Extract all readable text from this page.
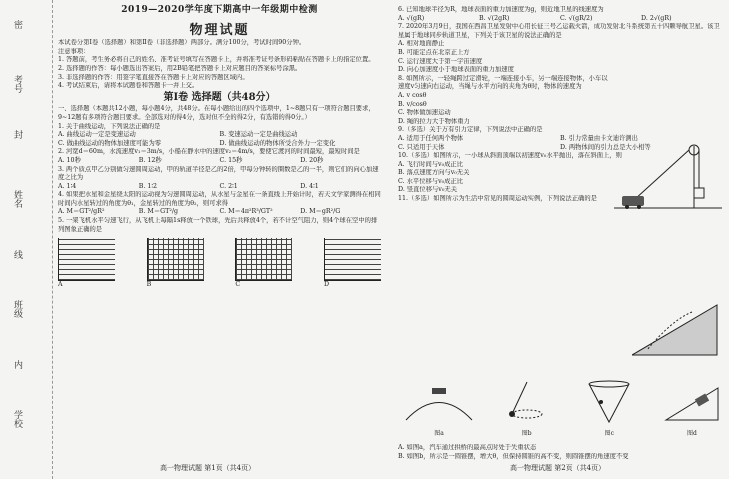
密
考号
封
姓名
线
班级
内
学校
2019—2020学年度下期高中一年级期中检测
物理试题

本试卷分第Ⅰ卷（选择题）和第Ⅱ卷（非选择题）两部分。满分100分，考试时间90分钟。

注意事项：

1. 答题前，考生务必将自己的姓名、准考证号填写在答题卡上，并将准考证号条形码粘贴在答题卡上的指定位置。

2. 选择题的作答：每小题选出答案后，用2B铅笔把答题卡上对应题目的答案标号涂黑。

3. 非选择题的作答：用签字笔直接答在答题卡上对应的答题区域内。

4. 考试结束后，请将本试题卷和答题卡一并上交。

第Ⅰ卷 选择题（共48分）

一、选择题（本题共12小题，每小题4分，共48分。在每小题给出的四个选项中，1~8题只有一项符合题目要求，9~12题有多项符合题目要求。全部选对的得4分，选对但不全的得2分，有选错的得0分。）

1. 关于曲线运动，下列说法正确的是

A. 曲线运动一定是变速运动	B. 变速运动一定是曲线运动
C. 做曲线运动的物体加速度可能为零	D. 做曲线运动的物体所受合外力一定变化

2. 河宽d＝60m，水流速度v₁＝3m/s，小船在静水中的速度v₂＝4m/s，要使它渡河的时间最短，最短时间是

A. 10秒	B. 12秒	C. 15秒	D. 20秒

3. 两个质点甲乙分别做匀速圆周运动，甲的轨道半径是乙的2倍，甲每分钟转的圈数是乙的一半，则它们的向心加速度之比为

A. 1∶4	B. 1∶2	C. 2∶1	D. 4∶1

4. 如果把水星和金星绕太阳的运动视为匀速圆周运动，从水星与金星在一条直线上开始计时，若天文学家测得在相同时间内水星转过的角度为θ₁，金星转过的角度为θ₂，则可求得

A. M＝GT²/gR²	B. M＝GT²/g	C. M＝4π²R³/GT²	D. M＝gR²/G

5. 一架飞机水平匀速飞行，从飞机上每隔1s释放一个铁球，先后共释放4个，若不计空气阻力，则4个球在空中的排列图象正确的是

A	B	C	D
高一物理试题 第1页（共4页）

6. 已知地球半径为R，地球表面的重力加速度为g，则近地卫星的线速度为

A. √(gR)	B. √(2gR)	C. √(gR/2)	D. 2√(gR)

7. 2020年3月9日，我国在西昌卫星发射中心用长征三号乙运载火箭，成功发射北斗系统第五十四颗导航卫星。该卫星属于地球同步轨道卫星，下列关于该卫星的说法正确的是

A. 相对地面静止

B. 可能定点在北京正上方

C. 运行速度大于第一宇宙速度

D. 向心加速度小于地球表面的重力加速度

8. 如图所示，一轻绳跨过定滑轮，一端连接小车，另一端连接物体，小车以速度v匀速向右运动，当绳与水平方向的夹角为θ时，物体的速度为

A. v cosθ

B. v/cosθ

C. 物体做加速运动

D. 绳的拉力大于物体重力

9.（多选）关于万有引力定律，下列说法中正确的是

A. 适用于任何两个物体	B. 引力常量由卡文迪许测出
C. 只适用于天体	D. 两物体间的引力总是大小相等

10.（多选）如图所示，一小球从斜面顶端以初速度v₀水平抛出，落在斜面上，则

A. 飞行时间与v₀成正比

B. 落点速度方向与v₀无关

C. 水平位移与v₀成正比

D. 竖直位移与v₀无关

11.（多选）如图所示为生活中常见的圆周运动实例，下列说法正确的是

图a	图b	图c	图d

A. 如图a，汽车通过拱桥的最高点时处于失重状态

B. 如图b，所示是一圆锥摆，增大θ，但保持圆锥的高不变，则圆锥摆的角速度不变

高一物理试题 第2页（共4页）
